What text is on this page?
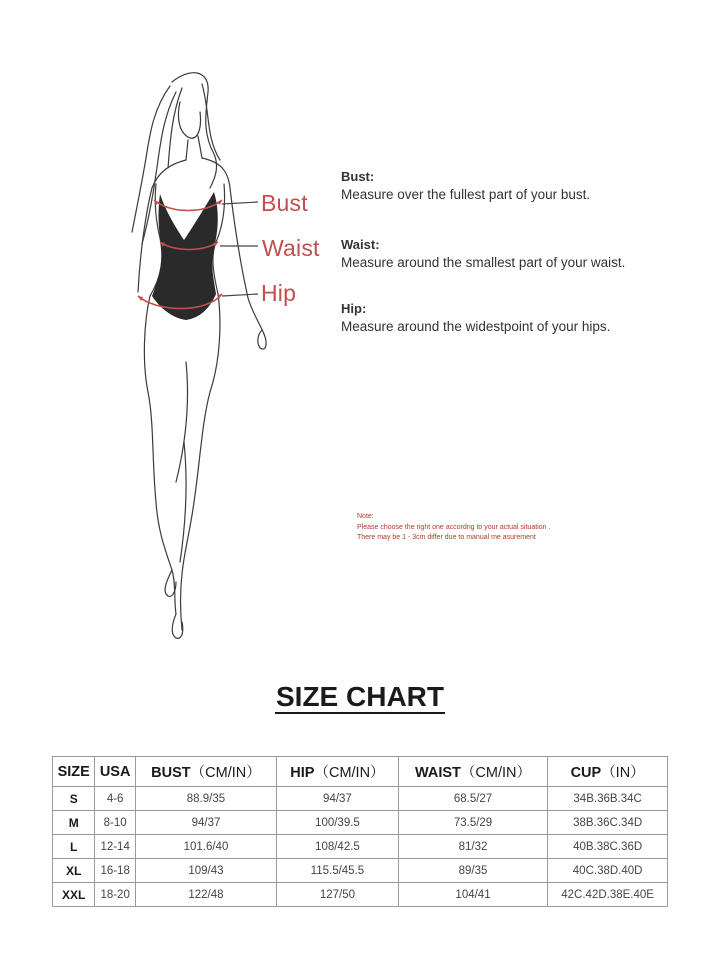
Bust
Waist
Hip
Bust:
Measure over the fullest part of your bust.
Waist:
Measure around the smallest part of your waist.
Hip:
Measure around the widestpoint of your hips.
Note:
Please choose the right one accordng to your actual situation .
There may be 1 - 3cm differ due to manual me asurement
SIZE CHART
SIZE	USA	BUST（CM/IN）	HIP（CM/IN）	WAIST（CM/IN）	CUP（IN）
S	4-6	88.9/35	94/37	68.5/27	34B.36B.34C
M	8-10	94/37	100/39.5	73.5/29	38B.36C.34D
L	12-14	101.6/40	108/42.5	81/32	40B.38C.36D
XL	16-18	109/43	115.5/45.5	89/35	40C.38D.40D
XXL	18-20	122/48	127/50	104/41	42C.42D.38E.40E
